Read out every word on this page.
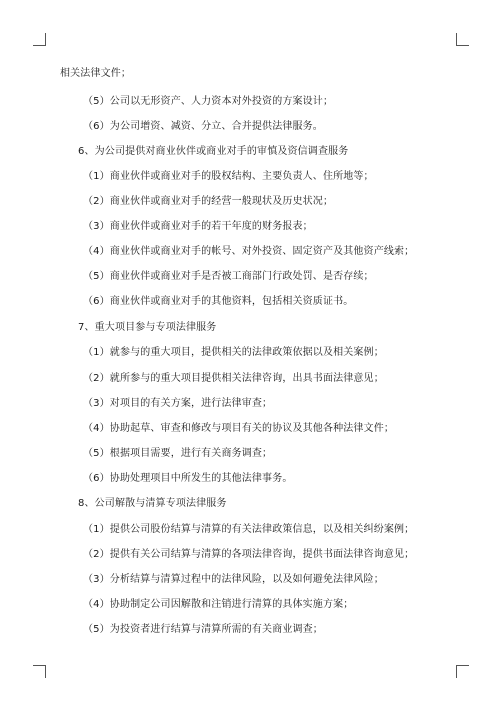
相关法律文件；
（5）公司以无形资产、人力资本对外投资的方案设计；
（6）为公司增资、减资、分立、合并提供法律服务。
6、为公司提供对商业伙伴或商业对手的审慎及资信调查服务
（1）商业伙伴或商业对手的股权结构、主要负责人、住所地等；
（2）商业伙伴或商业对手的经营一般现状及历史状况；
（3）商业伙伴或商业对手的若干年度的财务报表；
（4）商业伙伴或商业对手的帐号、对外投资、固定资产及其他资产线索；
（5）商业伙伴或商业对手是否被工商部门行政处罚、是否存续；
（6）商业伙伴或商业对手的其他资料，包括相关资质证书。
7、重大项目参与专项法律服务
（1）就参与的重大项目，提供相关的法律政策依据以及相关案例；
（2）就所参与的重大项目提供相关法律咨询，出具书面法律意见；
（3）对项目的有关方案，进行法律审查；
（4）协助起草、审查和修改与项目有关的协议及其他各种法律文件；
（5）根据项目需要，进行有关商务调查；
（6）协助处理项目中所发生的其他法律事务。
8、公司解散与清算专项法律服务
（1）提供公司股份结算与清算的有关法律政策信息，以及相关纠纷案例；
（2）提供有关公司结算与清算的各项法律咨询，提供书面法律咨询意见；
（3）分析结算与清算过程中的法律风险，以及如何避免法律风险；
（4）协助制定公司因解散和注销进行清算的具体实施方案；
（5）为投资者进行结算与清算所需的有关商业调查；
